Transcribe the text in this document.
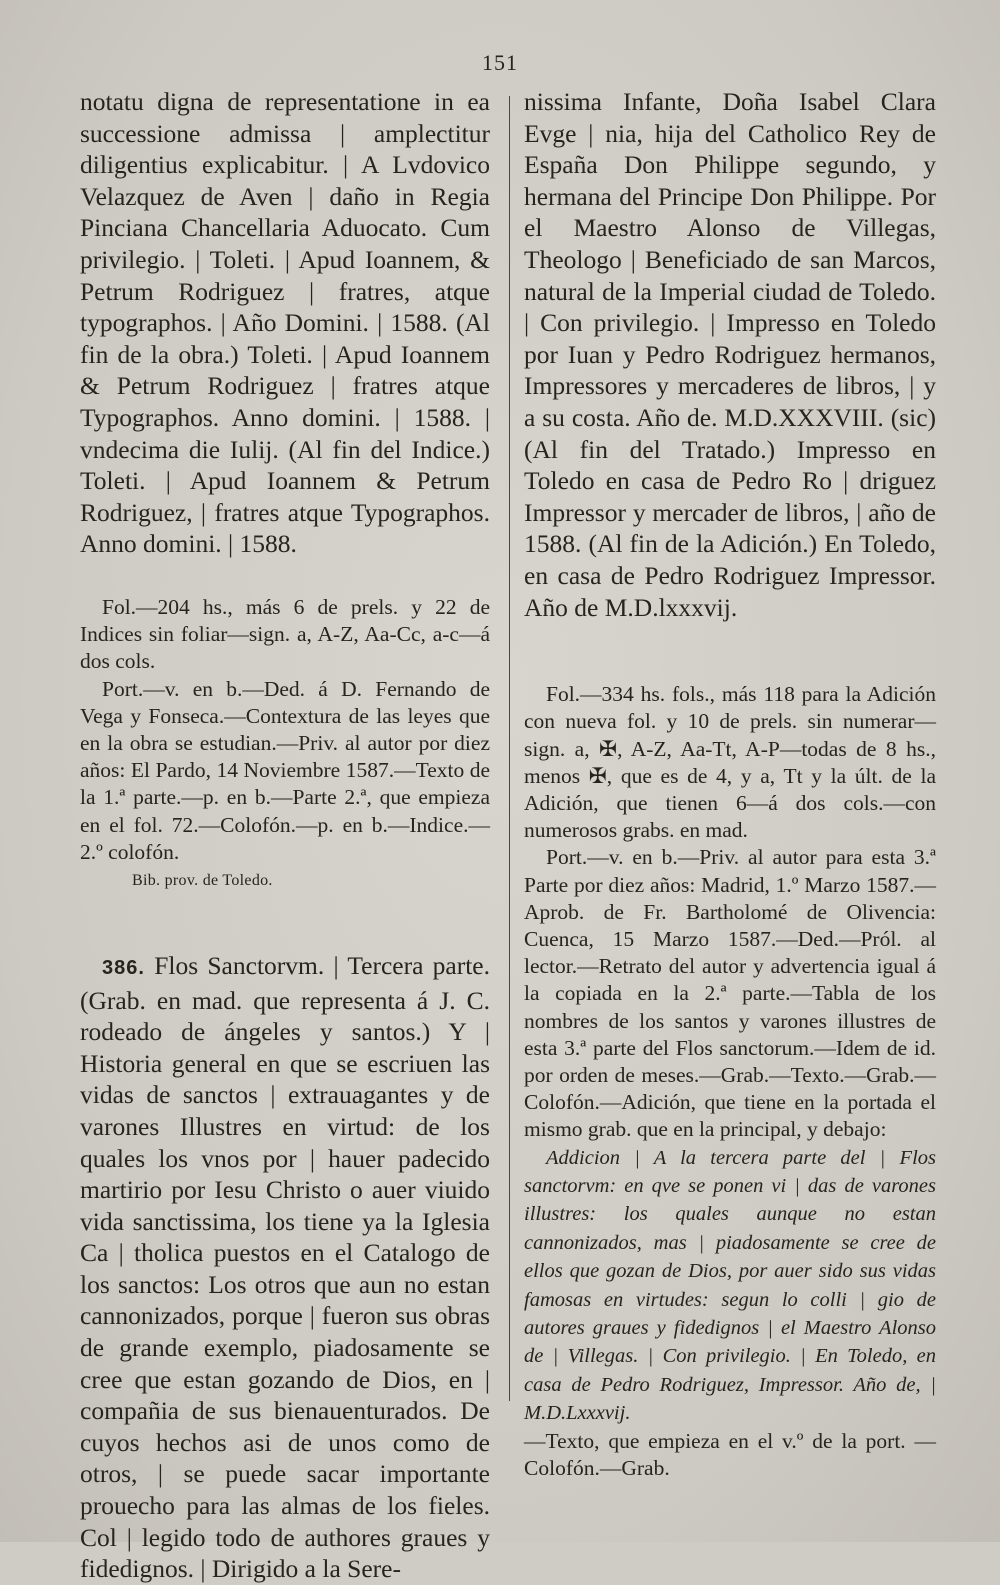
151

notatu digna de representatione in ea successione admissa | amplectitur diligentius explicabitur. | A Lvdovico Velazquez de Aven | daño in Regia Pinciana Chancellaria Aduocato. Cum privilegio. | Toleti. | Apud Ioannem, & Petrum Rodriguez | fratres, atque typographos. | Año Domini. | 1588. (Al fin de la obra.) Toleti. | Apud Ioannem & Petrum Rodriguez | fratres atque Typographos. Anno domini. | 1588. | vndecima die Iulij. (Al fin del Indice.) Toleti. | Apud Ioannem & Petrum Rodriguez, | fratres atque Typographos. Anno domini. | 1588.

Fol.—204 hs., más 6 de prels. y 22 de Indices sin foliar—sign. a, A-Z, Aa-Cc, a-c—á dos cols.

Port.—v. en b.—Ded. á D. Fernando de Vega y Fonseca.—Contextura de las leyes que en la obra se estudian.—Priv. al autor por diez años: El Pardo, 14 Noviembre 1587.—Texto de la 1.ª parte.—p. en b.—Parte 2.ª, que empieza en el fol. 72.—Colofón.—p. en b.—Indice.—2.º colofón.

Bib. prov. de Toledo.

386. Flos Sanctorvm. | Tercera parte. (Grab. en mad. que representa á J. C. rodeado de ángeles y santos.) Y | Historia general en que se escriuen las vidas de sanctos | extrauagantes y de varones Illustres en virtud: de los quales los vnos por | hauer padecido martirio por Iesu Christo o auer viuido vida sanctissima, los tiene ya la Iglesia Ca | tholica puestos en el Catalogo de los sanctos: Los otros que aun no estan cannonizados, porque | fueron sus obras de grande exemplo, piadosamente se cree que estan gozando de Dios, en | compañia de sus bienauenturados. De cuyos hechos asi de unos como de otros, | se puede sacar importante prouecho para las almas de los fieles. Col | legido todo de authores graues y fidedignos. | Dirigido a la Sere-

nissima Infante, Doña Isabel Clara Evge | nia, hija del Catholico Rey de España Don Philippe segundo, y hermana del Principe Don Philippe. Por el Maestro Alonso de Villegas, Theologo | Beneficiado de san Marcos, natural de la Imperial ciudad de Toledo. | Con privilegio. | Impresso en Toledo por Iuan y Pedro Rodriguez hermanos, Impressores y mercaderes de libros, | y a su costa. Año de. M.D.XXXVIII. (sic) (Al fin del Tratado.) Impresso en Toledo en casa de Pedro Ro | driguez Impressor y mercader de libros, | año de 1588. (Al fin de la Adición.) En Toledo, en casa de Pedro Rodriguez Impressor. Año de M.D.lxxxvij.

Fol.—334 hs. fols., más 118 para la Adición con nueva fol. y 10 de prels. sin numerar—sign. a, ✠, A-Z, Aa-Tt, A-P—todas de 8 hs., menos ✠, que es de 4, y a, Tt y la últ. de la Adición, que tienen 6—á dos cols.—con numerosos grabs. en mad.

Port.—v. en b.—Priv. al autor para esta 3.ª Parte por diez años: Madrid, 1.º Marzo 1587.—Aprob. de Fr. Bartholomé de Olivencia: Cuenca, 15 Marzo 1587.—Ded.—Pról. al lector.—Retrato del autor y advertencia igual á la copiada en la 2.ª parte.—Tabla de los nombres de los santos y varones illustres de esta 3.ª parte del Flos sanctorum.—Idem de id. por orden de meses.—Grab.—Texto.—Grab.—Colofón.—Adición, que tiene en la portada el mismo grab. que en la principal, y debajo:

Addicion | A la tercera parte del | Flos sanctorvm: en qve se ponen vi | das de varones illustres: los quales aunque no estan cannonizados, mas | piadosamente se cree de ellos que gozan de Dios, por auer sido sus vidas famosas en virtudes: segun lo colli | gio de autores graues y fidedignos | el Maestro Alonso de | Villegas. | Con privilegio. | En Toledo, en casa de Pedro Rodriguez, Impressor. Año de, | M.D.Lxxxvij.

—Texto, que empieza en el v.º de la port. —Colofón.—Grab.
